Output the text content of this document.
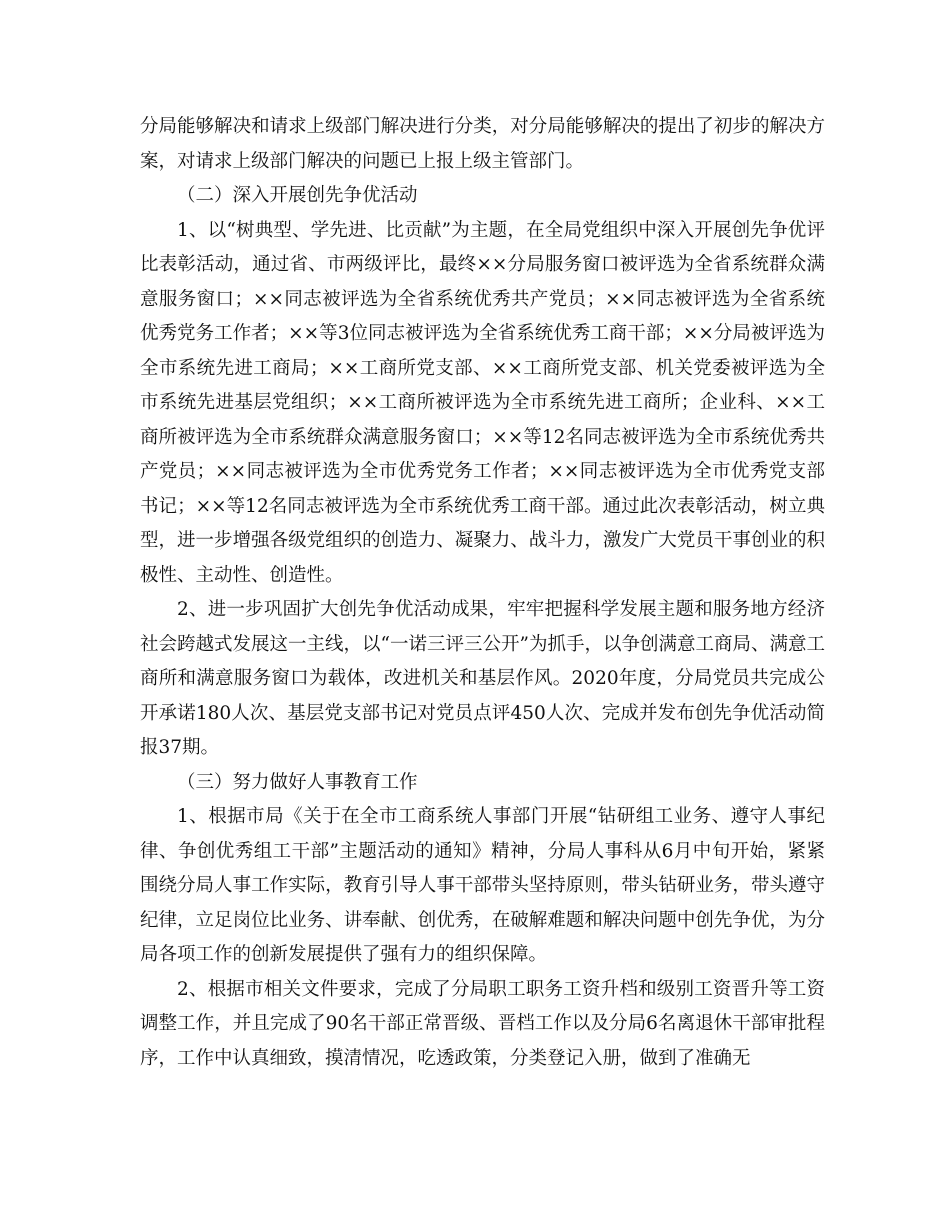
分局能够解决和请求上级部门解决进行分类，对分局能够解决的提出了初步的解决方案，对请求上级部门解决的问题已上报上级主管部门。

（二）深入开展创先争优活动

1、以“树典型、学先进、比贡献”为主题，在全局党组织中深入开展创先争优评比表彰活动，通过省、市两级评比，最终××分局服务窗口被评选为全省系统群众满意服务窗口；××同志被评选为全省系统优秀共产党员；××同志被评选为全省系统优秀党务工作者；××等3位同志被评选为全省系统优秀工商干部；××分局被评选为全市系统先进工商局；××工商所党支部、××工商所党支部、机关党委被评选为全市系统先进基层党组织；××工商所被评选为全市系统先进工商所；企业科、××工商所被评选为全市系统群众满意服务窗口；××等12名同志被评选为全市系统优秀共产党员；××同志被评选为全市优秀党务工作者；××同志被评选为全市优秀党支部书记；××等12名同志被评选为全市系统优秀工商干部。通过此次表彰活动，树立典型，进一步增强各级党组织的创造力、凝聚力、战斗力，激发广大党员干事创业的积极性、主动性、创造性。

2、进一步巩固扩大创先争优活动成果，牢牢把握科学发展主题和服务地方经济社会跨越式发展这一主线，以“一诺三评三公开”为抓手，以争创满意工商局、满意工商所和满意服务窗口为载体，改进机关和基层作风。2020年度，分局党员共完成公开承诺180人次、基层党支部书记对党员点评450人次、完成并发布创先争优活动简报37期。

（三）努力做好人事教育工作

1、根据市局《关于在全市工商系统人事部门开展“钻研组工业务、遵守人事纪律、争创优秀组工干部”主题活动的通知》精神，分局人事科从6月中旬开始，紧紧围绕分局人事工作实际，教育引导人事干部带头坚持原则，带头钻研业务，带头遵守纪律，立足岗位比业务、讲奉献、创优秀，在破解难题和解决问题中创先争优，为分局各项工作的创新发展提供了强有力的组织保障。

2、根据市相关文件要求，完成了分局职工职务工资升档和级别工资晋升等工资调整工作，并且完成了90名干部正常晋级、晋档工作以及分局6名离退休干部审批程序，工作中认真细致，摸清情况，吃透政策，分类登记入册，做到了准确无
